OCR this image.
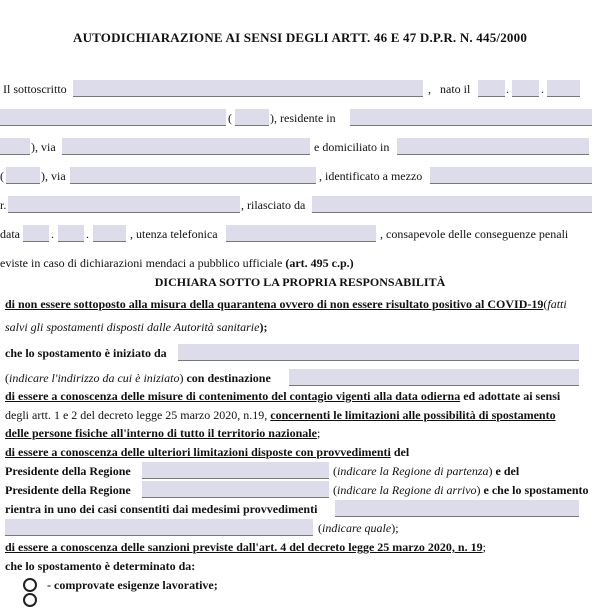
AUTODICHIARAZIONE AI SENSI DEGLI ARTT. 46 E 47 D.P.R. N. 445/2000
Il sottoscritto	, nato il	.	.
(	), residente in
), via	e domiciliato in
(	), via	, identificato a mezzo
r.	, rilasciato da
data	.	.	, utenza telefonica	, consapevole delle conseguenze penali
eviste in caso di dichiarazioni mendaci a pubblico ufficiale (art. 495 c.p.)
DICHIARA SOTTO LA PROPRIA RESPONSABILITÀ
di non essere sottoposto alla misura della quarantena ovvero di non essere risultato positivo al COVID-19(fatti
salvi gli spostamenti disposti dalle Autorità sanitarie);
che lo spostamento è iniziato da
(indicare l'indirizzo da cui è iniziato) con destinazione
di essere a conoscenza delle misure di contenimento del contagio vigenti alla data odierna ed adottate ai sensi
degli artt. 1 e 2 del decreto legge 25 marzo 2020, n.19, concernenti le limitazioni alle possibilità di spostamento
delle persone fisiche all'interno di tutto il territorio nazionale;
di essere a conoscenza delle ulteriori limitazioni disposte con provvedimenti del
Presidente della Regione	(indicare la Regione di partenza) e del
Presidente della Regione	(indicare la Regione di arrivo) e che lo spostamento
rientra in uno dei casi consentiti dai medesimi provvedimenti
(indicare quale);
di essere a conoscenza delle sanzioni previste dall'art. 4 del decreto legge 25 marzo 2020, n. 19;
che lo spostamento è determinato da:
- comprovate esigenze lavorative;
